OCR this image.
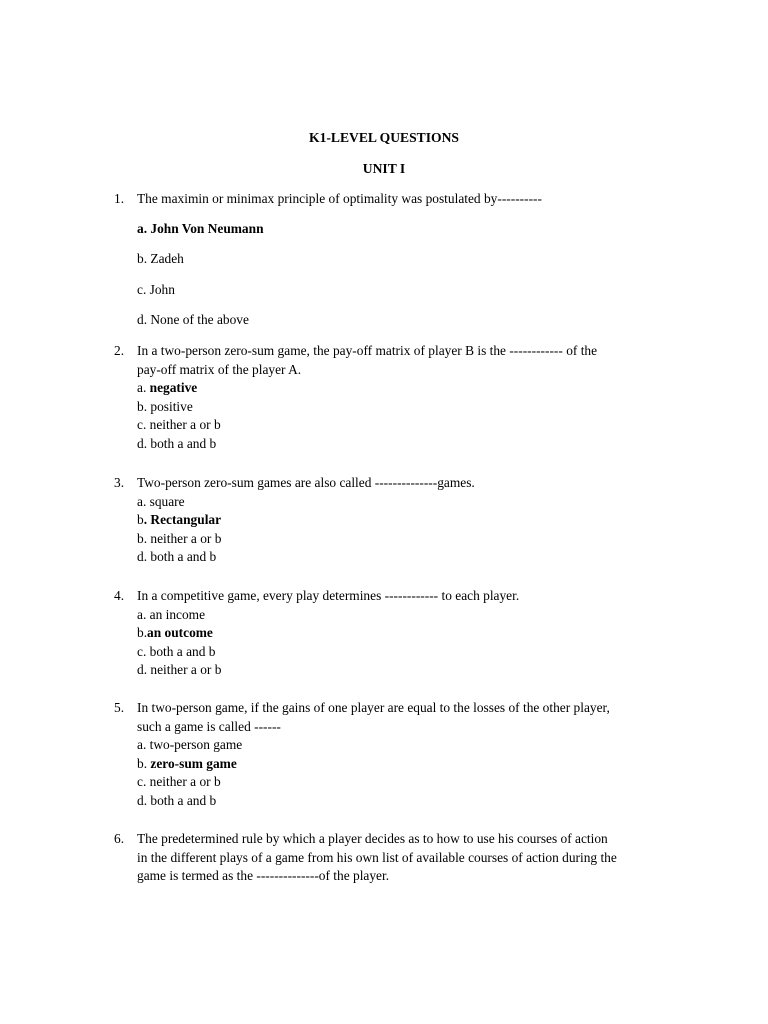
K1-LEVEL QUESTIONS
UNIT I
1. The maximin or minimax principle of optimality was postulated by----------
a. John Von Neumann
b. Zadeh
c. John
d. None of the above
2. In a two-person zero-sum game, the pay-off matrix of player B is the ------------ of the
pay-off matrix of the player A.
a. negative
b. positive
c. neither a or b
d. both a and b
3. Two-person zero-sum games are also called --------------games.
a. square
b. Rectangular
b. neither a or b
d. both a and b
4. In a competitive game, every play determines ------------ to each player.
a. an income
b.an outcome
c. both a and b
d. neither a or b
5. In two-person game, if the gains of one player are equal to the losses of the other player,
such a game is called ------
a. two-person game
b. zero-sum game
c. neither a or b
d. both a and b
6. The predetermined rule by which a player decides as to how to use his courses of action
in the different plays of a game from his own list of available courses of action during the
game is termed as the --------------of the player.
